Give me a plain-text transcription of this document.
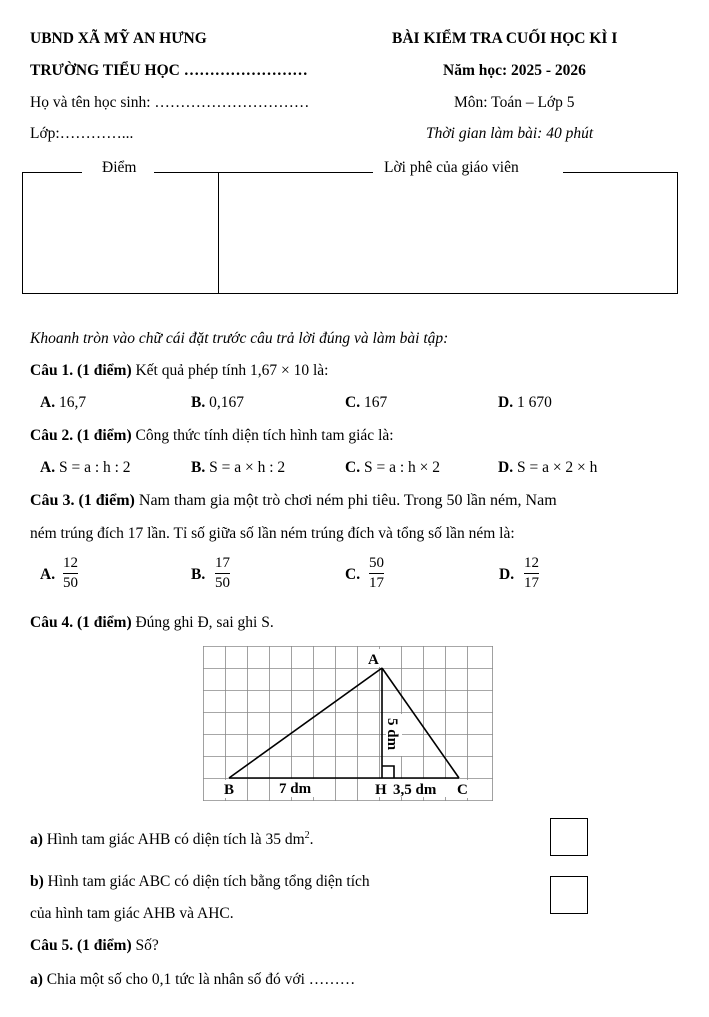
UBND XÃ MỸ AN HƯNG
TRƯỜNG TIỂU HỌC ……………………
Họ và tên học sinh: …………………………
Lớp:…………...
BÀI KIỂM TRA CUỐI HỌC KÌ I
Năm học: 2025 - 2026
Môn: Toán – Lớp 5
Thời gian làm bài: 40 phút
Điểm	Lời phê của giáo viên
Khoanh tròn vào chữ cái đặt trước câu trả lời đúng và làm bài tập:
Câu 1. (1 điểm) Kết quả phép tính 1,67 × 10 là:
A. 16,7	B. 0,167	C. 167	D. 1 670
Câu 2. (1 điểm) Công thức tính diện tích hình tam giác là:
A. S = a : h : 2	B. S = a × h : 2	C. S = a : h × 2	D. S = a × 2 × h
Câu 3. (1 điểm) Nam tham gia một trò chơi ném phi tiêu. Trong 50 lần ném, Nam
ném trúng đích 17 lần. Tỉ số giữa số lần ném trúng đích và tổng số lần ném là:
A.
12
50
B.
17
50
C.
50
17
D.
12
17
Câu 4. (1 điểm) Đúng ghi Đ, sai ghi S.
A
B	7 dm	H 3,5 dm C
5 dm
a) Hình tam giác AHB có diện tích là 35 $dm^2$.
b) Hình tam giác ABC có diện tích bằng tổng diện tích
của hình tam giác AHB và AHC.
Câu 5. (1 điểm) Số?
a) Chia một số cho 0,1 tức là nhân số đó với ………
